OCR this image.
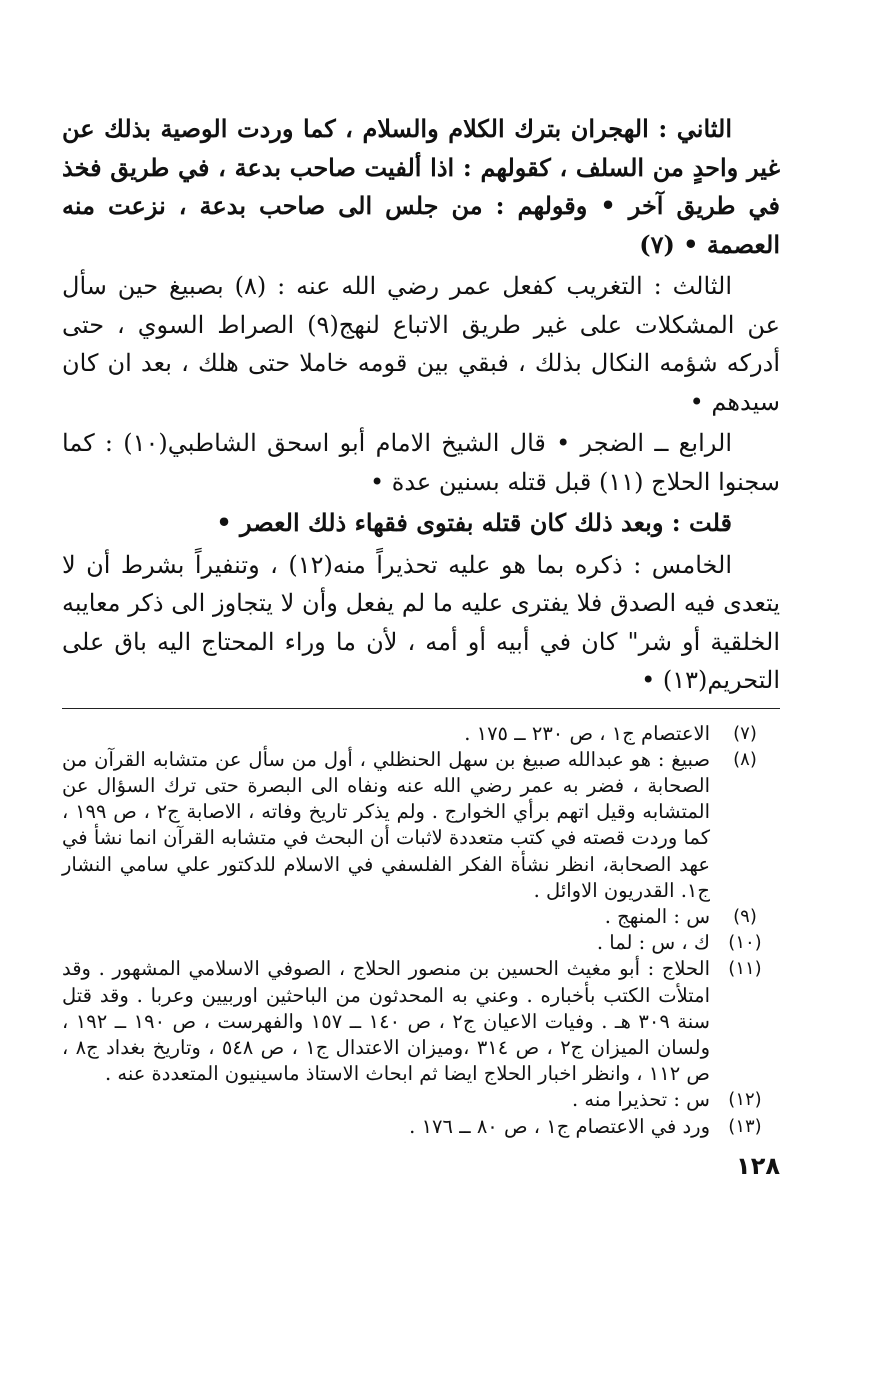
الثاني : الهجران بترك الكلام والسلام ، كما وردت الوصية بذلك عن غير واحدٍ من السلف ، كقولهم : اذا ألفيت صاحب بدعة ، في طريق فخذ في طريق آخر • وقولهم : من جلس الى صاحب بدعة ، نزعت منه العصمة • (٧)

الثالث : التغريب كفعل عمر رضي الله عنه : (٨) بصبيغ حين سأل عن المشكلات على غير طريق الاتباع لنهج(٩) الصراط السوي ، حتى أدركه شؤمه النكال بذلك ، فبقي بين قومه خاملا حتى هلك ، بعد ان كان سيدهم •

الرابع ــ الضجر • قال الشيخ الامام أبو اسحق الشاطبي(١٠) : كما سجنوا الحلاج (١١) قبل قتله بسنين عدة •

قلت : وبعد ذلك كان قتله بفتوى فقهاء ذلك العصر •

الخامس : ذكره بما هو عليه تحذيراً منه(١٢) ، وتنفيراً بشرط أن لا يتعدى فيه الصدق فلا يفترى عليه ما لم يفعل وأن لا يتجاوز الى ذكر معايبه الخلقية أو شر" كان في أبيه أو أمه ، لأن ما وراء المحتاج اليه باق على التحريم(١٣) •

(٧)
الاعتصام ج١ ، ص ٢٣٠ ــ ١٧٥ .
(٨)
صبيغ : هو عبدالله صبيغ بن سهل الحنظلي ، أول من سأل عن متشابه القرآن من الصحابة ، فضر به عمر رضي الله عنه ونفاه الى البصرة حتى ترك السؤال عن المتشابه وقيل اتهم برأي الخوارج . ولم يذكر تاريخ وفاته ، الاصابة ج٢ ، ص ١٩٩ ، كما وردت قصته في كتب متعددة لاثبات أن البحث في متشابه القرآن انما نشأ في عهد الصحابة، انظر نشأة الفكر الفلسفي في الاسلام للدكتور علي سامي النشار ج١. القدريون الاوائل .
(٩)
س : المنهج .
(١٠)
ك ، س : لما .
(١١)
الحلاج : أبو مغيث الحسين بن منصور الحلاج ، الصوفي الاسلامي المشهور . وقد امتلأت الكتب بأخباره . وعني به المحدثون من الباحثين اوربيين وعربا . وقد قتل سنة ٣٠٩ هـ . وفيات الاعيان ج٢ ، ص ١٤٠ ــ ١٥٧ والفهرست ، ص ١٩٠ ــ ١٩٢ ، ولسان الميزان ج٢ ، ص ٣١٤ ،وميزان الاعتدال ج١ ، ص ٥٤٨ ، وتاريخ بغداد ج٨ ، ص ١١٢ ، وانظر اخبار الحلاج ايضا ثم ابحاث الاستاذ ماسينيون المتعددة عنه .
(١٢)
س : تحذيرا منه .
(١٣)
ورد في الاعتصام ج١ ، ص ٨٠ ــ ١٧٦ .
١٢٨
